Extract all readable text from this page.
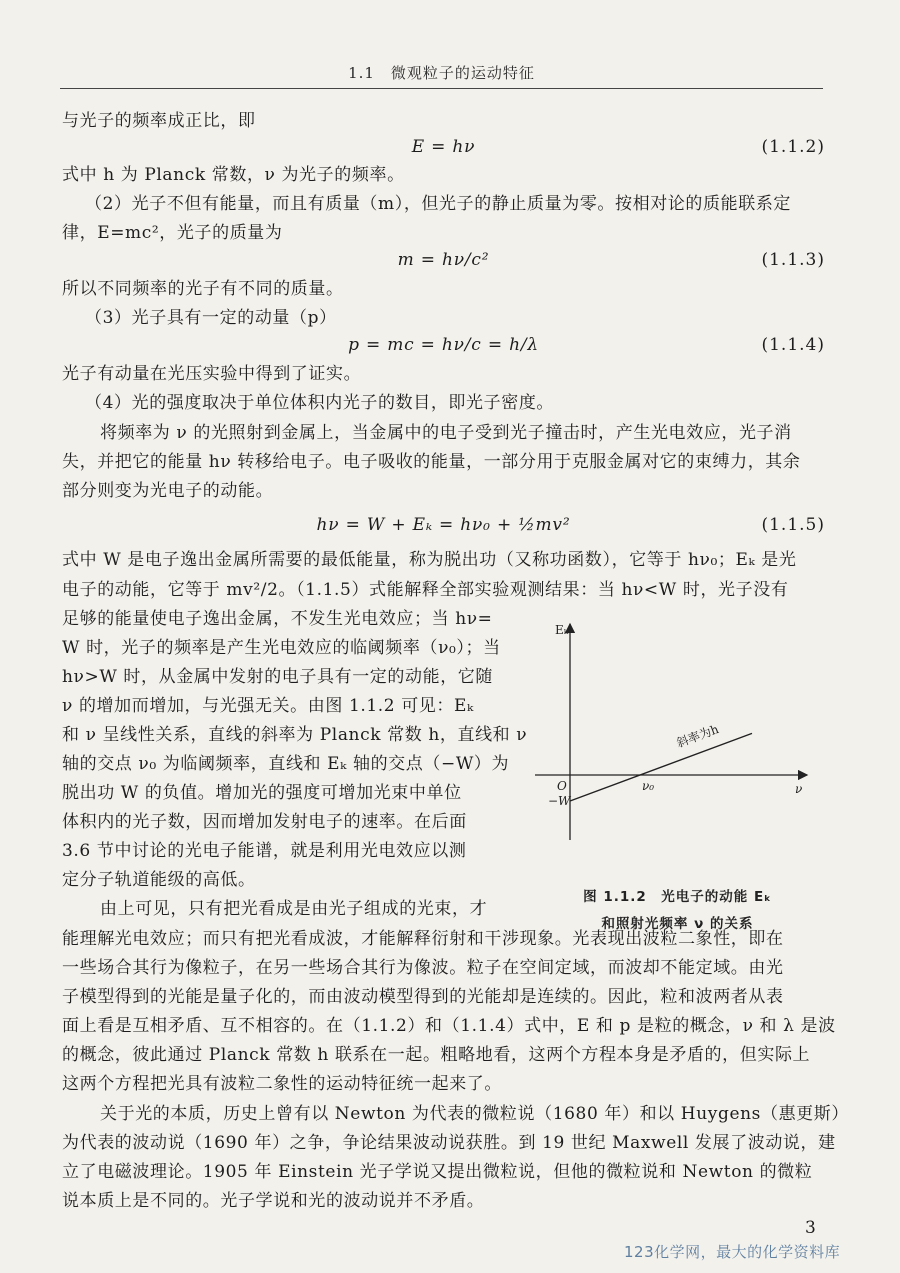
1.1　微观粒子的运动特征
与光子的频率成正比，即
E = hν	(1.1.2)
式中 h 为 Planck 常数，ν 为光子的频率。
（2）光子不但有能量，而且有质量（m），但光子的静止质量为零。按相对论的质能联系定
律，E=mc²，光子的质量为
m = hν/c²	(1.1.3)
所以不同频率的光子有不同的质量。
（3）光子具有一定的动量（p）
p = mc = hν/c = h/λ	(1.1.4)
光子有动量在光压实验中得到了证实。
（4）光的强度取决于单位体积内光子的数目，即光子密度。
将频率为 ν 的光照射到金属上，当金属中的电子受到光子撞击时，产生光电效应，光子消
失，并把它的能量 hν 转移给电子。电子吸收的能量，一部分用于克服金属对它的束缚力，其余
部分则变为光电子的动能。
hν = W + Eₖ = hν₀ + ½mv²	(1.1.5)
式中 W 是电子逸出金属所需要的最低能量，称为脱出功（又称功函数），它等于 hν₀；Eₖ 是光
电子的动能，它等于 mv²/2。（1.1.5）式能解释全部实验观测结果：当 hν<W 时，光子没有
足够的能量使电子逸出金属，不发生光电效应；当 hν=
W 时，光子的频率是产生光电效应的临阈频率（ν₀）；当
hν>W 时，从金属中发射的电子具有一定的动能，它随
ν 的增加而增加，与光强无关。由图 1.1.2 可见：Eₖ
和 ν 呈线性关系，直线的斜率为 Planck 常数 h，直线和 ν
轴的交点 ν₀ 为临阈频率，直线和 Eₖ 轴的交点（−W）为
脱出功 W 的负值。增加光的强度可增加光束中单位
体积内的光子数，因而增加发射电子的速率。在后面
3.6 节中讨论的光电子能谱，就是利用光电效应以测
定分子轨道能级的高低。
由上可见，只有把光看成是由光子组成的光束，才
能理解光电效应；而只有把光看成波，才能解释衍射和干涉现象。光表现出波粒二象性，即在
一些场合其行为像粒子，在另一些场合其行为像波。粒子在空间定域，而波却不能定域。由光
子模型得到的光能是量子化的，而由波动模型得到的光能却是连续的。因此，粒和波两者从表
面上看是互相矛盾、互不相容的。在（1.1.2）和（1.1.4）式中，E 和 p 是粒的概念，ν 和 λ 是波
的概念，彼此通过 Planck 常数 h 联系在一起。粗略地看，这两个方程本身是矛盾的，但实际上
这两个方程把光具有波粒二象性的运动特征统一起来了。
关于光的本质，历史上曾有以 Newton 为代表的微粒说（1680 年）和以 Huygens（惠更斯）
为代表的波动说（1690 年）之争，争论结果波动说获胜。到 19 世纪 Maxwell 发展了波动说，建
立了电磁波理论。1905 年 Einstein 光子学说又提出微粒说，但他的微粒说和 Newton 的微粒
说本质上是不同的。光子学说和光的波动说并不矛盾。
Eₖ
ν
O	ν₀
−W
斜率为h
图 1.1.2　光电子的动能 Eₖ
和照射光频率 ν 的关系
3
123化学网，最大的化学资料库
